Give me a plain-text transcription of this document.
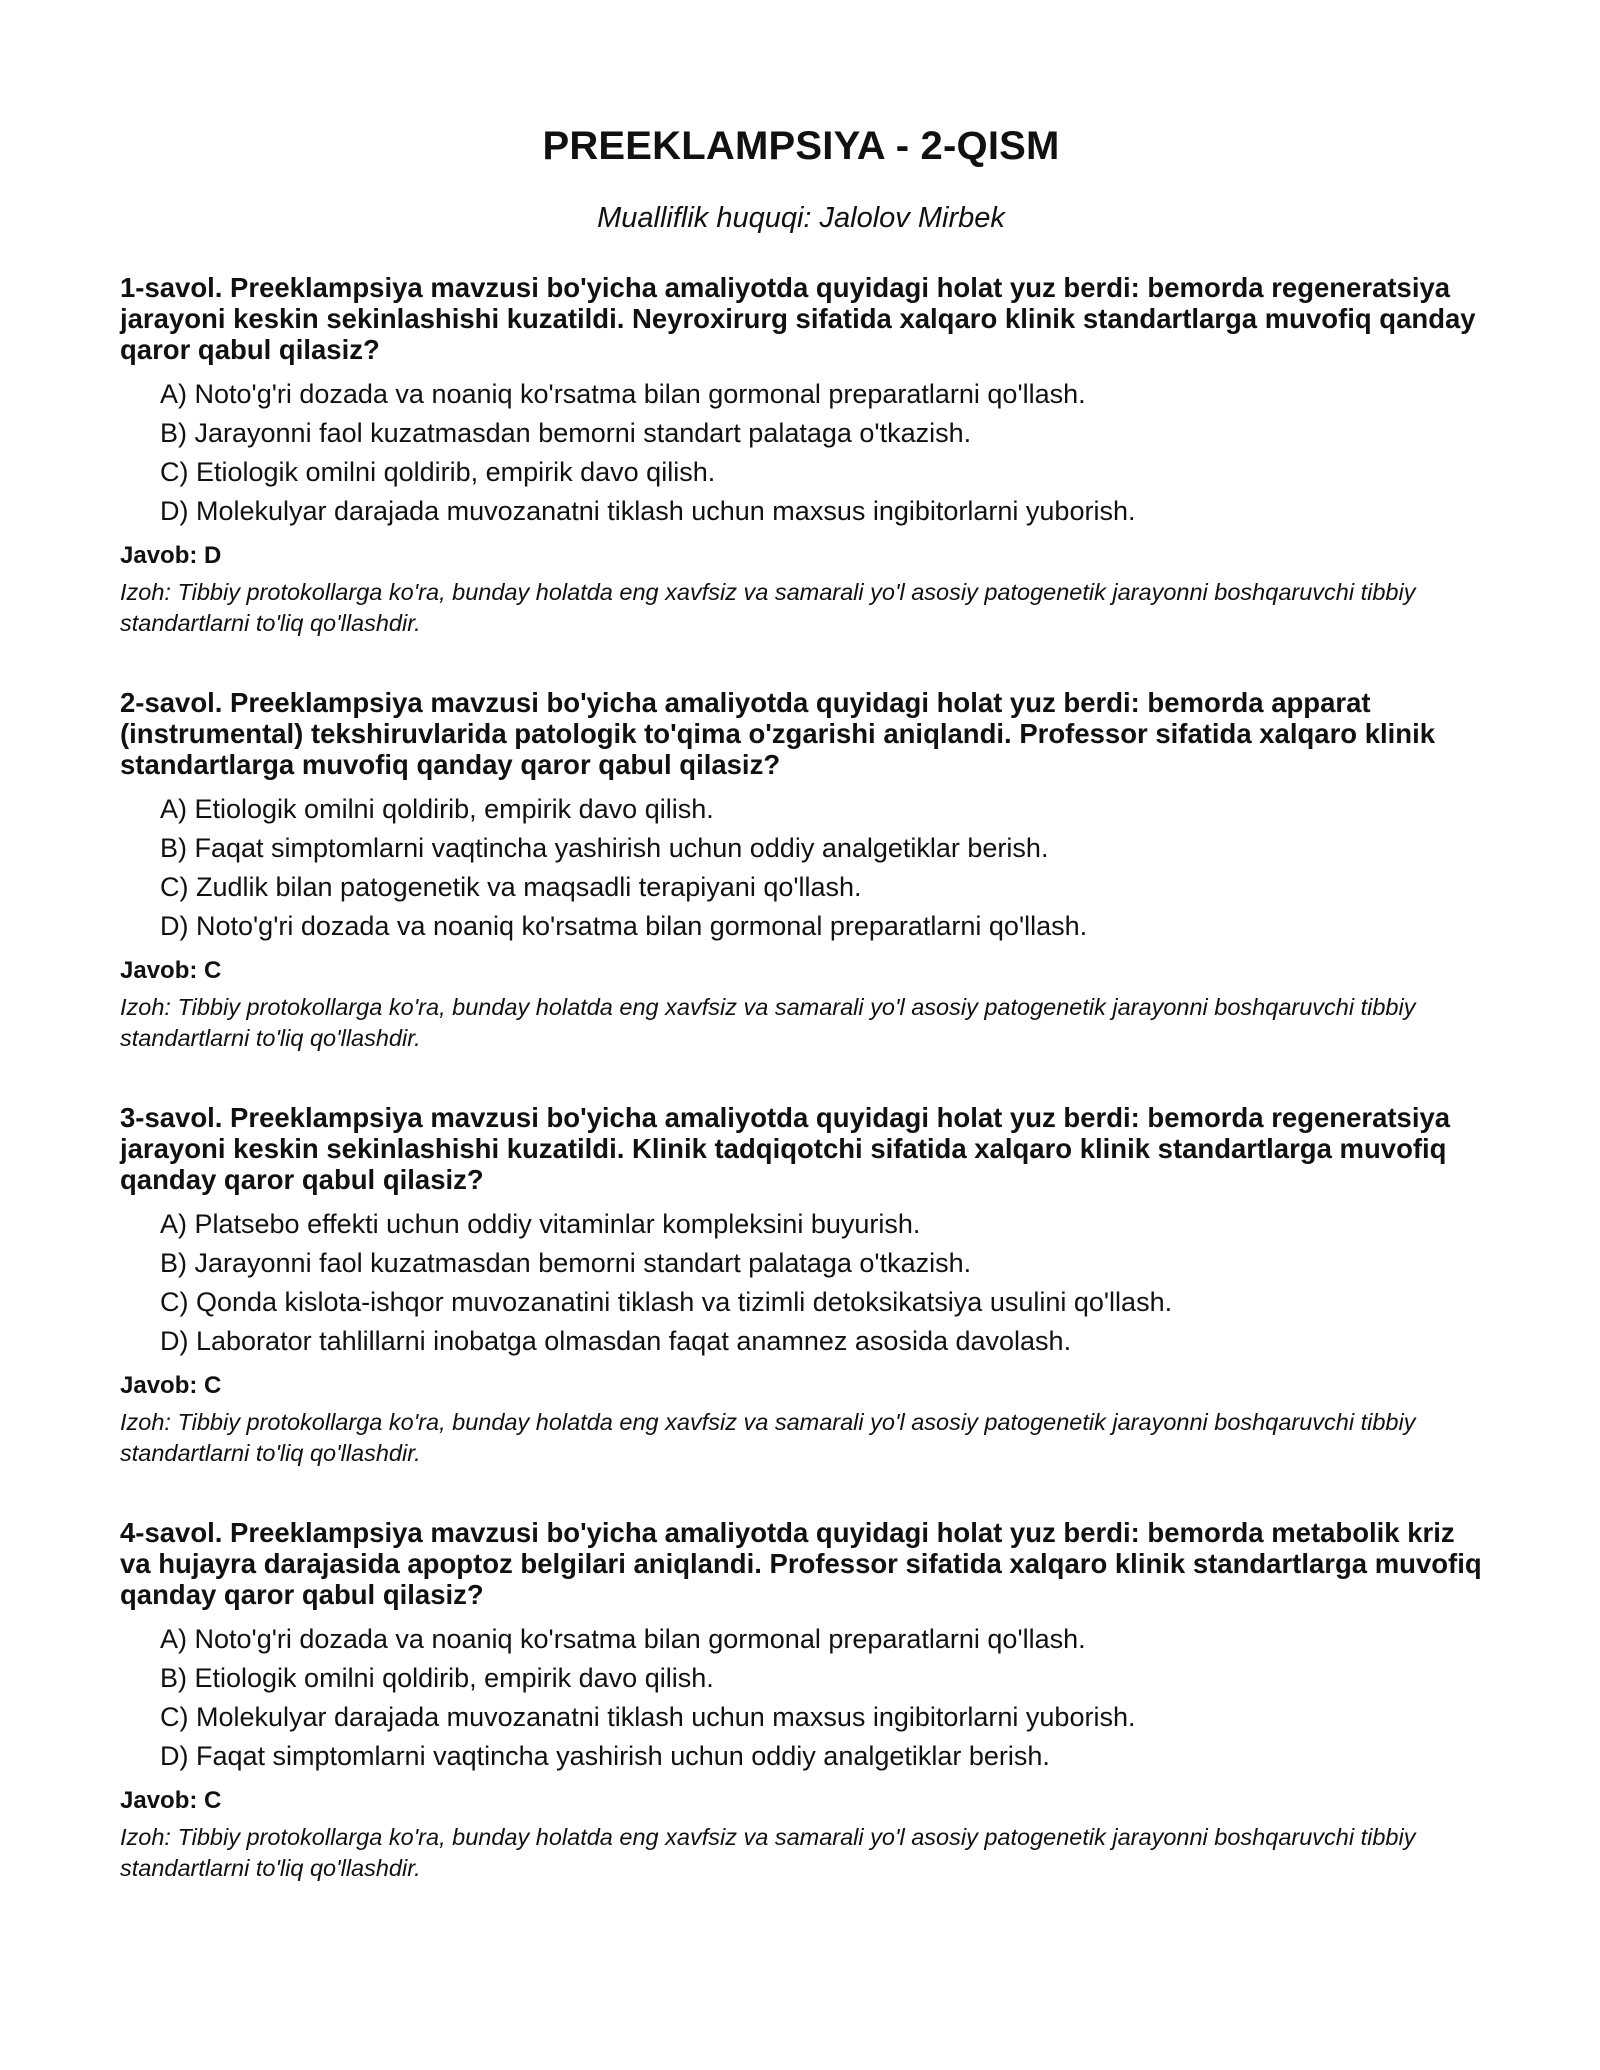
PREEKLAMPSIYA - 2-QISM

Mualliflik huquqi: Jalolov Mirbek

1-savol. Preeklampsiya mavzusi bo'yicha amaliyotda quyidagi holat yuz berdi: bemorda regeneratsiya jarayoni keskin sekinlashishi kuzatildi. Neyroxirurg sifatida xalqaro klinik standartlarga muvofiq qanday qaror qabul qilasiz?

A) Noto'g'ri dozada va noaniq ko'rsatma bilan gormonal preparatlarni qo'llash.
B) Jarayonni faol kuzatmasdan bemorni standart palataga o'tkazish.
C) Etiologik omilni qoldirib, empirik davo qilish.
D) Molekulyar darajada muvozanatni tiklash uchun maxsus ingibitorlarni yuborish.

Javob: D

Izoh: Tibbiy protokollarga ko'ra, bunday holatda eng xavfsiz va samarali yo'l asosiy patogenetik jarayonni boshqaruvchi tibbiy standartlarni to'liq qo'llashdir.

2-savol. Preeklampsiya mavzusi bo'yicha amaliyotda quyidagi holat yuz berdi: bemorda apparat (instrumental) tekshiruvlarida patologik to'qima o'zgarishi aniqlandi. Professor sifatida xalqaro klinik standartlarga muvofiq qanday qaror qabul qilasiz?

A) Etiologik omilni qoldirib, empirik davo qilish.
B) Faqat simptomlarni vaqtincha yashirish uchun oddiy analgetiklar berish.
C) Zudlik bilan patogenetik va maqsadli terapiyani qo'llash.
D) Noto'g'ri dozada va noaniq ko'rsatma bilan gormonal preparatlarni qo'llash.

Javob: C

Izoh: Tibbiy protokollarga ko'ra, bunday holatda eng xavfsiz va samarali yo'l asosiy patogenetik jarayonni boshqaruvchi tibbiy standartlarni to'liq qo'llashdir.

3-savol. Preeklampsiya mavzusi bo'yicha amaliyotda quyidagi holat yuz berdi: bemorda regeneratsiya jarayoni keskin sekinlashishi kuzatildi. Klinik tadqiqotchi sifatida xalqaro klinik standartlarga muvofiq qanday qaror qabul qilasiz?

A) Platsebo effekti uchun oddiy vitaminlar kompleksini buyurish.
B) Jarayonni faol kuzatmasdan bemorni standart palataga o'tkazish.
C) Qonda kislota-ishqor muvozanatini tiklash va tizimli detoksikatsiya usulini qo'llash.
D) Laborator tahlillarni inobatga olmasdan faqat anamnez asosida davolash.

Javob: C

Izoh: Tibbiy protokollarga ko'ra, bunday holatda eng xavfsiz va samarali yo'l asosiy patogenetik jarayonni boshqaruvchi tibbiy standartlarni to'liq qo'llashdir.

4-savol. Preeklampsiya mavzusi bo'yicha amaliyotda quyidagi holat yuz berdi: bemorda metabolik kriz va hujayra darajasida apoptoz belgilari aniqlandi. Professor sifatida xalqaro klinik standartlarga muvofiq qanday qaror qabul qilasiz?

A) Noto'g'ri dozada va noaniq ko'rsatma bilan gormonal preparatlarni qo'llash.
B) Etiologik omilni qoldirib, empirik davo qilish.
C) Molekulyar darajada muvozanatni tiklash uchun maxsus ingibitorlarni yuborish.
D) Faqat simptomlarni vaqtincha yashirish uchun oddiy analgetiklar berish.

Javob: C

Izoh: Tibbiy protokollarga ko'ra, bunday holatda eng xavfsiz va samarali yo'l asosiy patogenetik jarayonni boshqaruvchi tibbiy standartlarni to'liq qo'llashdir.
